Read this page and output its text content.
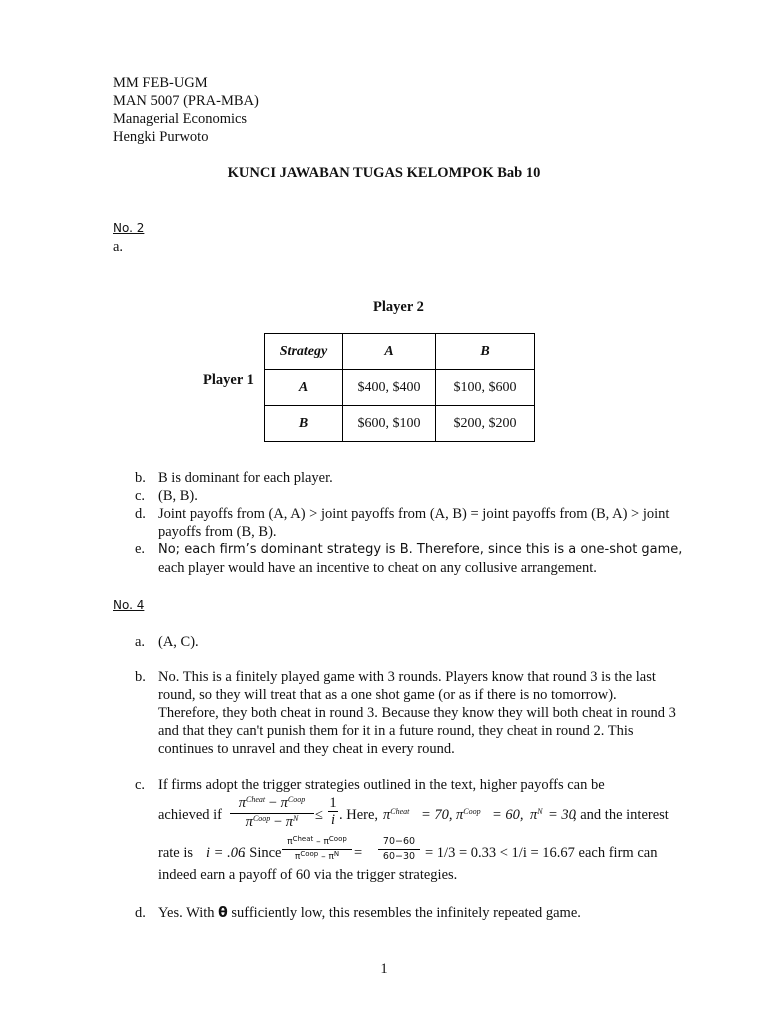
MM FEB-UGM
MAN 5007 (PRA-MBA)
Managerial Economics
Hengki Purwoto
KUNCI JAWABAN TUGAS KELOMPOK Bab 10
No. 2
a.
Player 2
Player 1
Strategy	A	B
A	$400, $400	$100, $600
B	$600, $100	$200, $200
b. B is dominant for each player.
c. (B, B).
d. Joint payoffs from (A, A) > joint payoffs from (A, B) = joint payoffs from (B, A) > joint payoffs from (B, B).
e. No; each firm’s dominant strategy is B. Therefore, since this is a one-shot game, each player would have an incentive to cheat on any collusive arrangement.
No. 4
a. (A, C).
b. No. This is a finitely played game with 3 rounds. Players know that round 3 is the last round, so they will treat that as a one shot game (or as if there is no tomorrow). Therefore, they both cheat in round 3. Because they know they will both cheat in round 3 and that they can't punish them for it in a future round, they cheat in round 2. This continues to unravel and they cheat in every round.
c. If firms adopt the trigger strategies outlined in the text, higher payoffs can be
achieved if
$\pi^{Cheat} - \pi^{Coop}$
$\pi^{Coop} - \pi^N$	≤
1
i . Here, $\pi^{Cheat} = 70$, $\pi^{Coop} = 60$, $\pi^N = 30$
, and the interest
rate is i = .06
. Since
$\pi^{Cheat} - \pi^{Coop}$
$\pi^{Coop} - \pi^N$	= $\frac{70-60}{60-30} = 1/3 = 0.33 < 1/i = 16.67$ each firm can
indeed earn a payoff of 60 via the trigger strategies.
d. Yes. With θ sufficiently low, this resembles the infinitely repeated game.
1
